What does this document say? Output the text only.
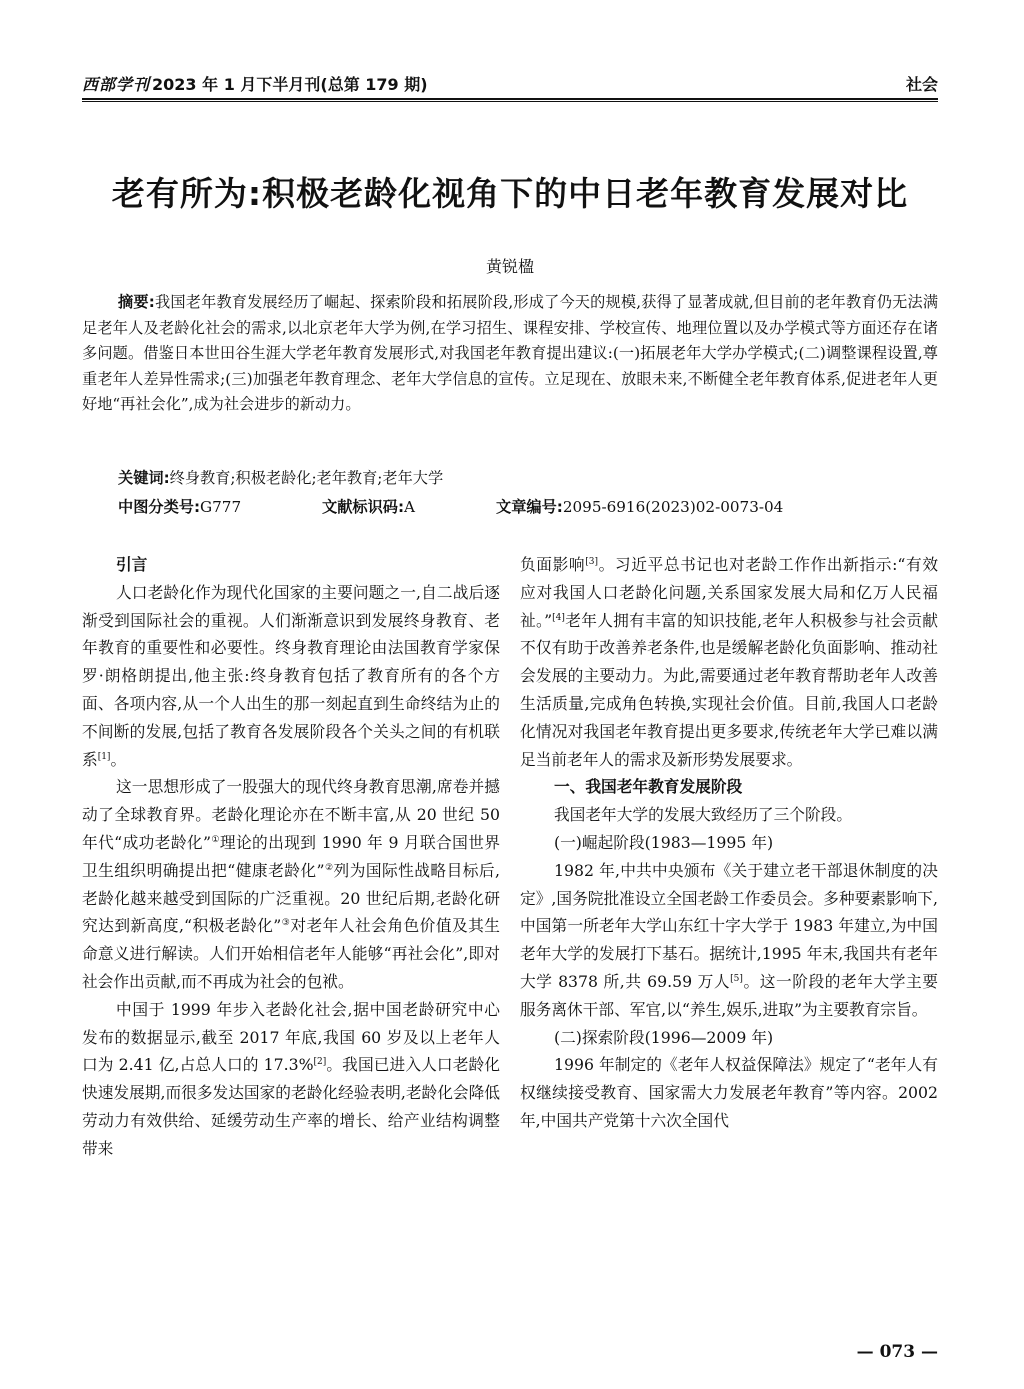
西部学刊 2023 年 1 月下半月刊(总第 179 期)	社会
老有所为:积极老龄化视角下的中日老年教育发展对比
黄锐楹

摘要:我国老年教育发展经历了崛起、探索阶段和拓展阶段,形成了今天的规模,获得了显著成就,但目前的老年教育仍无法满足老年人及老龄化社会的需求,以北京老年大学为例,在学习招生、课程安排、学校宣传、地理位置以及办学模式等方面还存在诸多问题。借鉴日本世田谷生涯大学老年教育发展形式,对我国老年教育提出建议:(一)拓展老年大学办学模式;(二)调整课程设置,尊重老年人差异性需求;(三)加强老年教育理念、老年大学信息的宣传。立足现在、放眼未来,不断健全老年教育体系,促进老年人更好地“再社会化”,成为社会进步的新动力。

关键词:终身教育;积极老龄化;老年教育;老年大学
中图分类号:G777	文献标识码:A	文章编号:2095-6916(2023)02-0073-04
引言

人口老龄化作为现代化国家的主要问题之一,自二战后逐渐受到国际社会的重视。人们渐渐意识到发展终身教育、老年教育的重要性和必要性。终身教育理论由法国教育学家保罗·朗格朗提出,他主张:终身教育包括了教育所有的各个方面、各项内容,从一个人出生的那一刻起直到生命终结为止的不间断的发展,包括了教育各发展阶段各个关头之间的有机联系[1]。

这一思想形成了一股强大的现代终身教育思潮,席卷并撼动了全球教育界。老龄化理论亦在不断丰富,从 20 世纪 50 年代“成功老龄化”①理论的出现到 1990 年 9 月联合国世界卫生组织明确提出把“健康老龄化”②列为国际性战略目标后,老龄化越来越受到国际的广泛重视。20 世纪后期,老龄化研究达到新高度,“积极老龄化”③对老年人社会角色价值及其生命意义进行解读。人们开始相信老年人能够“再社会化”,即对社会作出贡献,而不再成为社会的包袱。

中国于 1999 年步入老龄化社会,据中国老龄研究中心发布的数据显示,截至 2017 年底,我国 60 岁及以上老年人口为 2.41 亿,占总人口的 17.3%[2]。我国已进入人口老龄化快速发展期,而很多发达国家的老龄化经验表明,老龄化会降低劳动力有效供给、延缓劳动生产率的增长、给产业结构调整带来

负面影响[3]。习近平总书记也对老龄工作作出新指示:“有效应对我国人口老龄化问题,关系国家发展大局和亿万人民福祉。”[4]老年人拥有丰富的知识技能,老年人积极参与社会贡献不仅有助于改善养老条件,也是缓解老龄化负面影响、推动社会发展的主要动力。为此,需要通过老年教育帮助老年人改善生活质量,完成角色转换,实现社会价值。目前,我国人口老龄化情况对我国老年教育提出更多要求,传统老年大学已难以满足当前老年人的需求及新形势发展要求。

一、我国老年教育发展阶段

我国老年大学的发展大致经历了三个阶段。

(一)崛起阶段(1983—1995 年)

1982 年,中共中央颁布《关于建立老干部退休制度的决定》,国务院批准设立全国老龄工作委员会。多种要素影响下,中国第一所老年大学山东红十字大学于 1983 年建立,为中国老年大学的发展打下基石。据统计,1995 年末,我国共有老年大学 8378 所,共 69.59 万人[5]。这一阶段的老年大学主要服务离休干部、军官,以“养生,娱乐,进取”为主要教育宗旨。

(二)探索阶段(1996—2009 年)

1996 年制定的《老年人权益保障法》规定了“老年人有权继续接受教育、国家需大力发展老年教育”等内容。2002 年,中国共产党第十六次全国代

— 073 —
